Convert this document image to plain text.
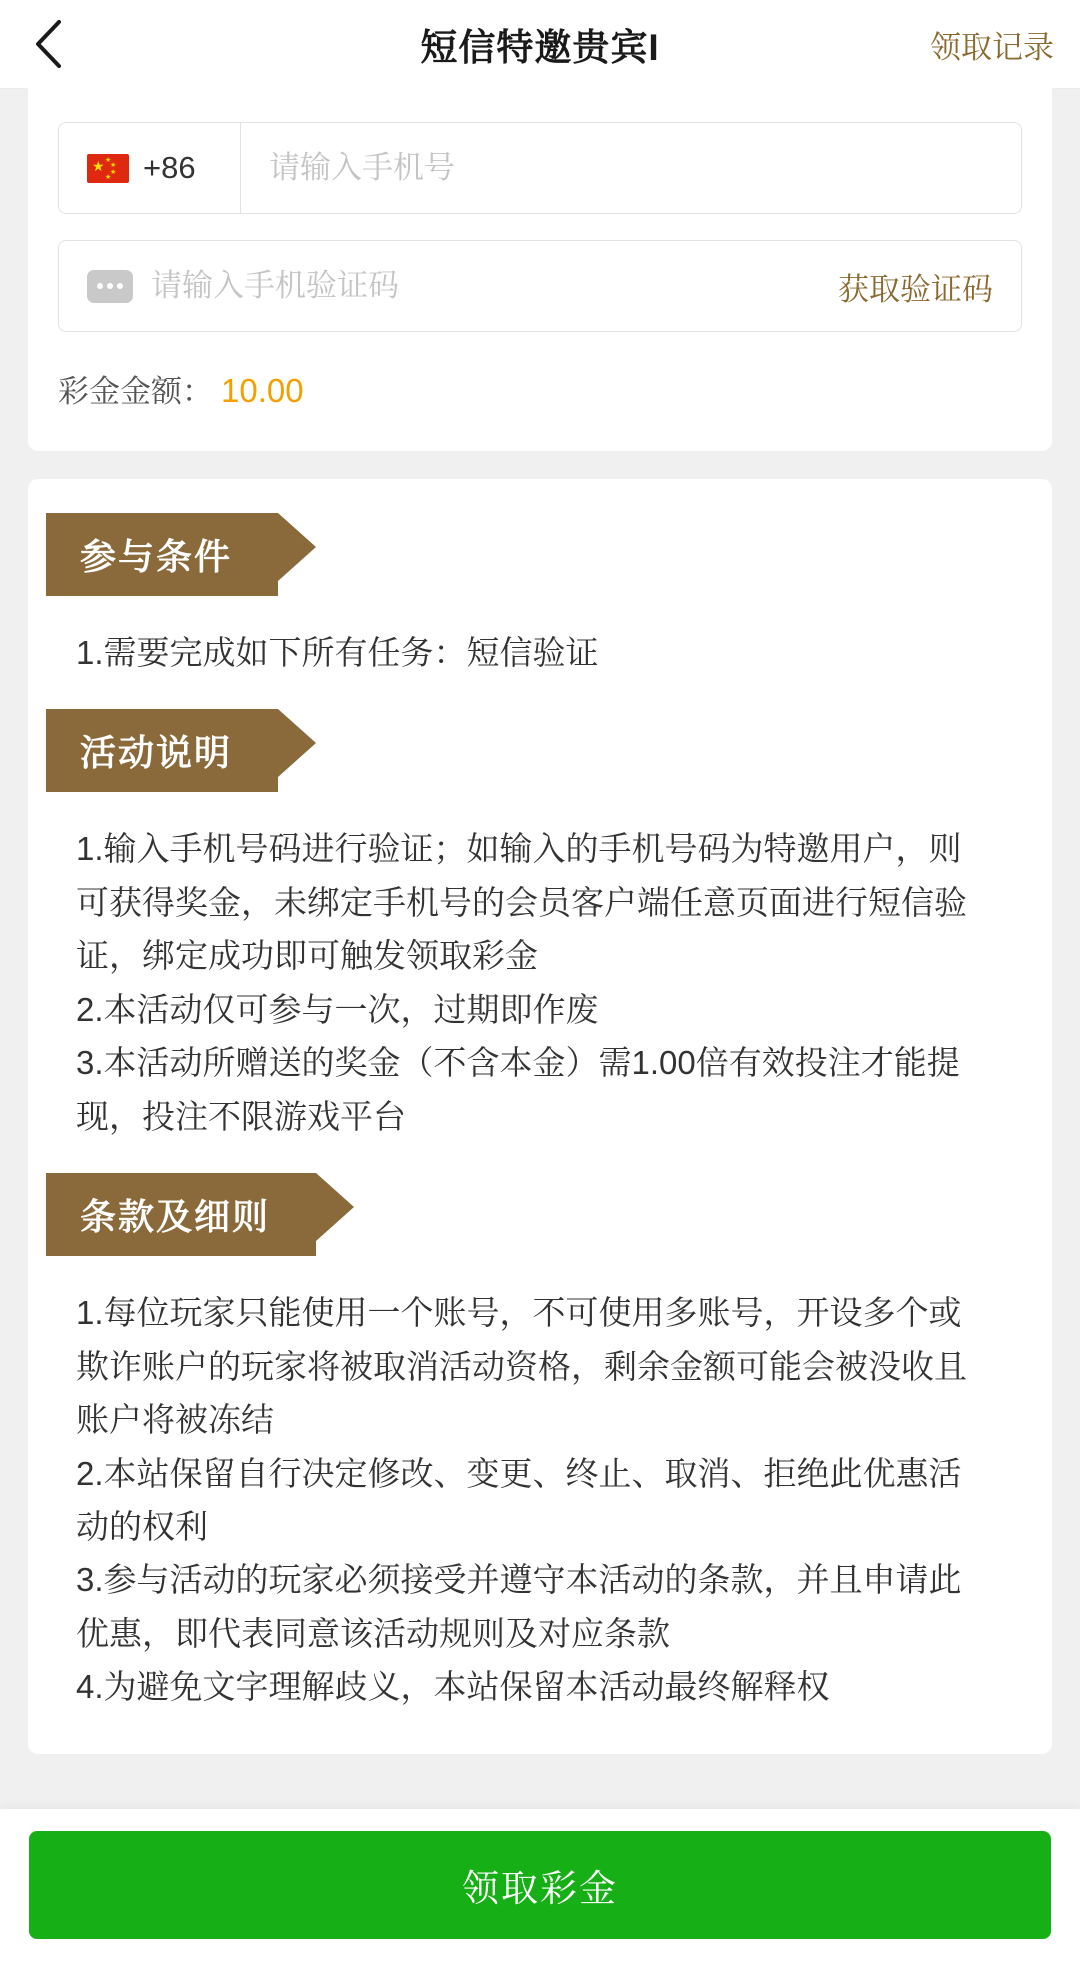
短信特邀贵宾I	领取记录
★ ★
★
★
★ +86
请输入手机号
请输入手机验证码
获取验证码
彩金金额： 10.00
参与条件

1.需要完成如下所有任务：短信验证

活动说明

1.输入手机号码进行验证；如输入的手机号码为特邀用户，则可获得奖金，未绑定手机号的会员客户端任意页面进行短信验证，绑定成功即可触发领取彩金

2.本活动仅可参与一次，过期即作废

3.本活动所赠送的奖金（不含本金）需1.00倍有效投注才能提现，投注不限游戏平台

条款及细则

1.每位玩家只能使用一个账号，不可使用多账号，开设多个或欺诈账户的玩家将被取消活动资格，剩余金额可能会被没收且账户将被冻结

2.本站保留自行决定修改、变更、终止、取消、拒绝此优惠活动的权利

3.参与活动的玩家必须接受并遵守本活动的条款，并且申请此优惠，即代表同意该活动规则及对应条款

4.为避免文字理解歧义，本站保留本活动最终解释权

领取彩金
